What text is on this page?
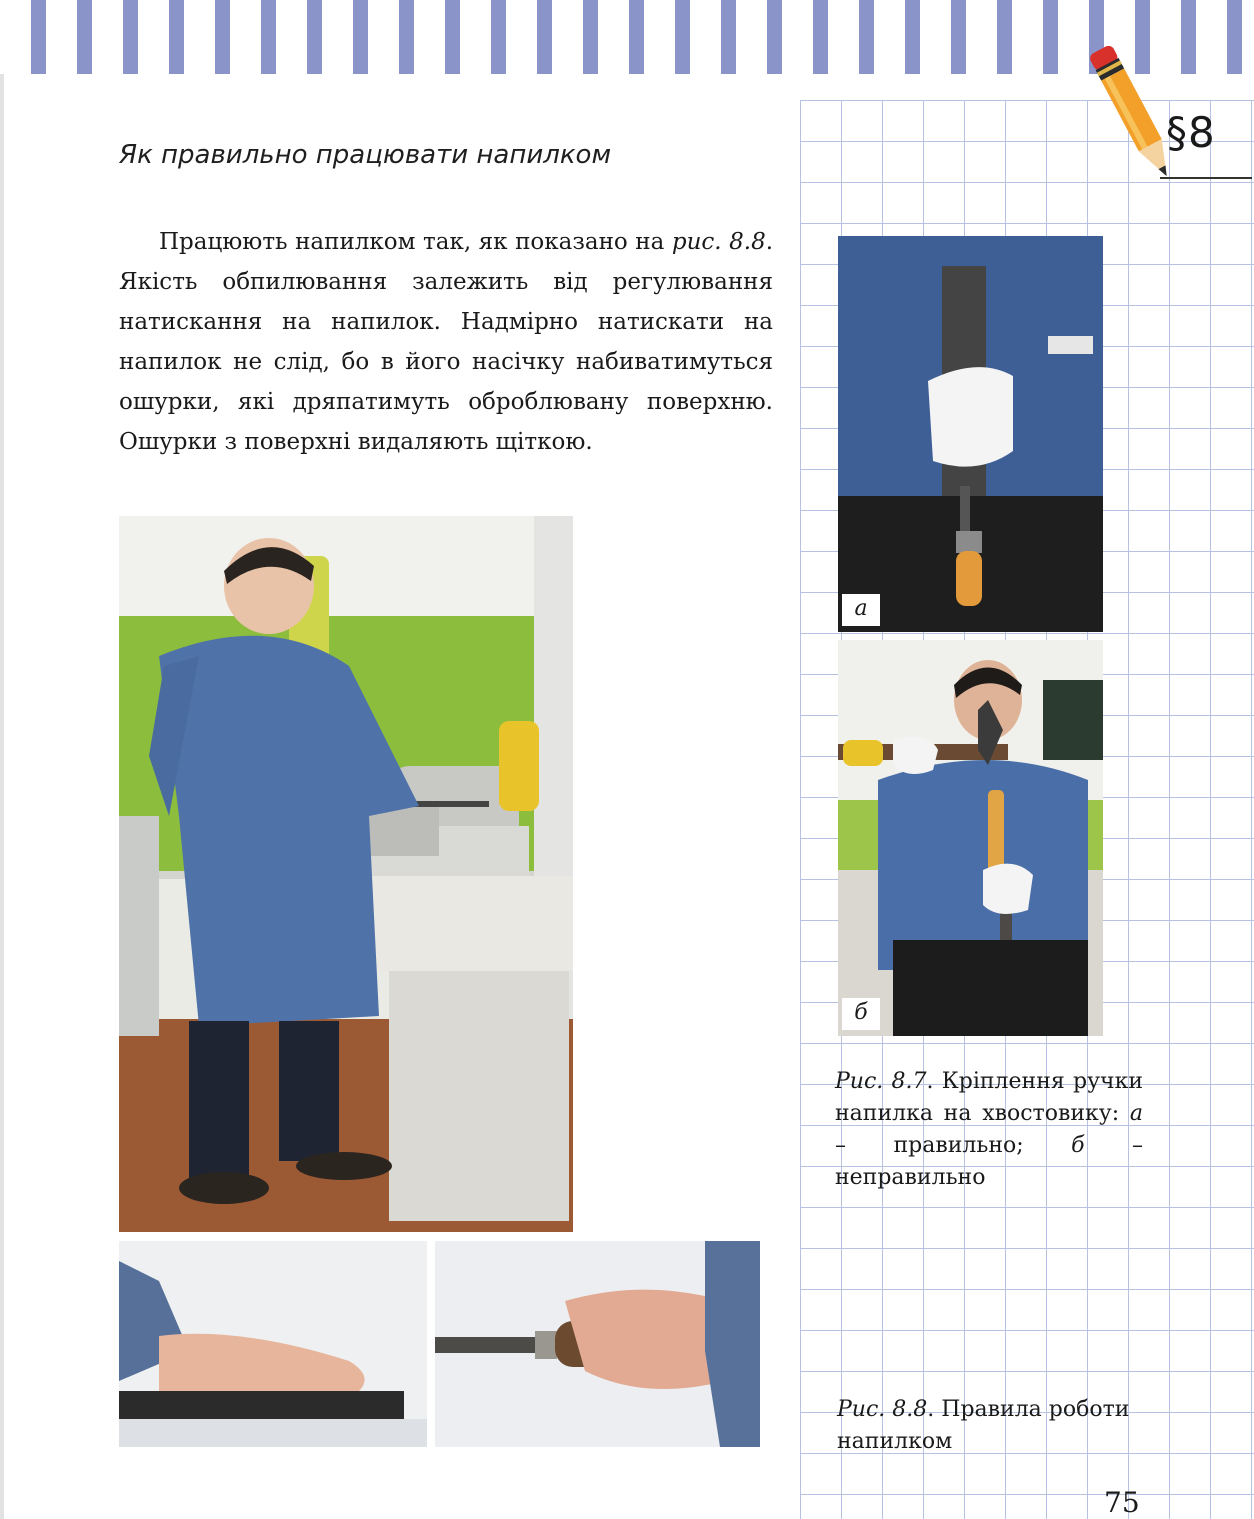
§8
Як правильно працювати напилком

Працюють напилком так, як показано на рис. 8.8. Якість обпилювання залежить від регулювання натискання на напилок. Надмірно натискати на напилок не слід, бо в його насічку набиватимуться ошурки, які дряпатимуть оброблювану поверхню. Ошурки з поверхні видаляють щіткою.

а
б

Рис. 8.7. Кріплення ручки напилка на хвостовику: а – правильно; б – неправильно

Рис. 8.8. Правила роботи напилком

75
